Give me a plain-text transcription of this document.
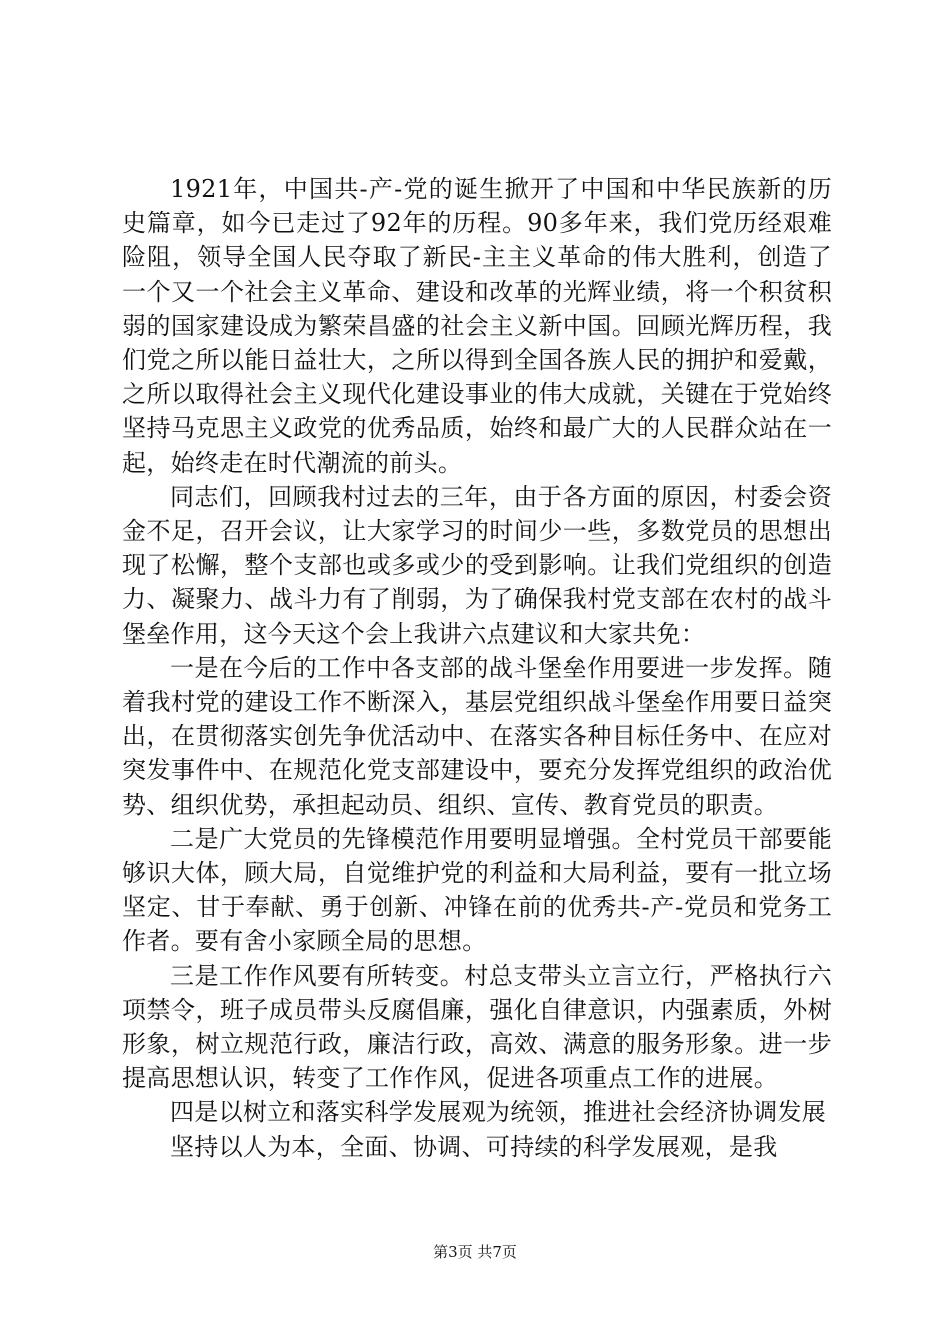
1921年，中国共-产-党的诞生掀开了中国和中华民族新的历史篇章，如今已走过了92年的历程。90多年来，我们党历经艰难险阻，领导全国人民夺取了新民-主主义革命的伟大胜利，创造了一个又一个社会主义革命、建设和改革的光辉业绩，将一个积贫积弱的国家建设成为繁荣昌盛的社会主义新中国。回顾光辉历程，我们党之所以能日益壮大，之所以得到全国各族人民的拥护和爱戴，之所以取得社会主义现代化建设事业的伟大成就，关键在于党始终坚持马克思主义政党的优秀品质，始终和最广大的人民群众站在一起，始终走在时代潮流的前头。

同志们，回顾我村过去的三年，由于各方面的原因，村委会资金不足，召开会议，让大家学习的时间少一些，多数党员的思想出现了松懈，整个支部也或多或少的受到影响。让我们党组织的创造力、凝聚力、战斗力有了削弱，为了确保我村党支部在农村的战斗堡垒作用，这今天这个会上我讲六点建议和大家共免：

一是在今后的工作中各支部的战斗堡垒作用要进一步发挥。随着我村党的建设工作不断深入，基层党组织战斗堡垒作用要日益突出，在贯彻落实创先争优活动中、在落实各种目标任务中、在应对突发事件中、在规范化党支部建设中，要充分发挥党组织的政治优势、组织优势，承担起动员、组织、宣传、教育党员的职责。

二是广大党员的先锋模范作用要明显增强。全村党员干部要能够识大体，顾大局，自觉维护党的利益和大局利益，要有一批立场坚定、甘于奉献、勇于创新、冲锋在前的优秀共-产-党员和党务工作者。要有舍小家顾全局的思想。

三是工作作风要有所转变。村总支带头立言立行，严格执行六项禁令，班子成员带头反腐倡廉，强化自律意识，内强素质，外树形象，树立规范行政，廉洁行政，高效、满意的服务形象。进一步提高思想认识，转变了工作作风，促进各项重点工作的进展。

四是以树立和落实科学发展观为统领，推进社会经济协调发展

坚持以人为本，全面、协调、可持续的科学发展观，是我

第3页 共7页
